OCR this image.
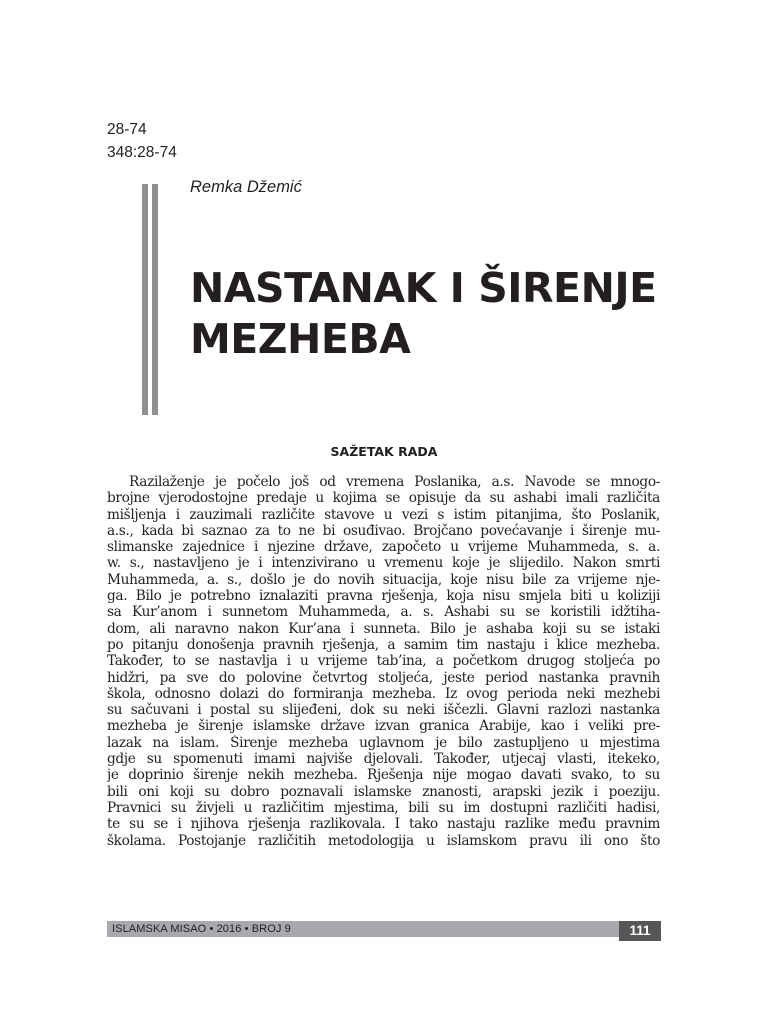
28-74
348:28-74
Remka Džemić
NASTANAK I ŠIRENJE
MEZHEBA
SAŽETAK RADA
Razilaženje je počelo još od vremena Poslanika, a.s. Navode se mnogo-
brojne vjerodostojne predaje u kojima se opisuje da su ashabi imali različita
mišljenja i zauzimali različite stavove u vezi s istim pitanjima, što Poslanik,
a.s., kada bi saznao za to ne bi osuđivao. Brojčano povećavanje i širenje mu-
slimanske zajednice i njezine države, započeto u vrijeme Muhammeda, s. a.
w. s., nastavljeno je i intenzivirano u vremenu koje je slijedilo. Nakon smrti
Muhammeda, a. s., došlo je do novih situacija, koje nisu bile za vrijeme nje-
ga. Bilo je potrebno iznalaziti pravna rješenja, koja nisu smjela biti u koliziji
sa Kur’anom i sunnetom Muhammeda, a. s. Ashabi su se koristili idžtiha-
dom, ali naravno nakon Kur’ana i sunneta. Bilo je ashaba koji su se istaki
po pitanju donošenja pravnih rješenja, a samim tim nastaju i klice mezheba.
Također, to se nastavlja i u vrijeme tab’ina, a početkom drugog stoljeća po
hidžri, pa sve do polovine četvrtog stoljeća, jeste period nastanka pravnih
škola, odnosno dolazi do formiranja mezheba. Iz ovog perioda neki mezhebi
su sačuvani i postal su slijeđeni, dok su neki iščezli. Glavni razlozi nastanka
mezheba je širenje islamske države izvan granica Arabije, kao i veliki pre-
lazak na islam. Širenje mezheba uglavnom je bilo zastupljeno u mjestima
gdje su spomenuti imami najviše djelovali. Također, utjecaj vlasti, itekeko,
je doprinio širenje nekih mezheba. Rješenja nije mogao davati svako, to su
bili oni koji su dobro poznavali islamske znanosti, arapski jezik i poeziju.
Pravnici su živjeli u različitim mjestima, bili su im dostupni različiti hadisi,
te su se i njihova rješenja razlikovala. I tako nastaju razlike među pravnim
školama. Postojanje različitih metodologija u islamskom pravu ili ono što
ISLAMSKA MISAO • 2016 • BROJ 9	111
